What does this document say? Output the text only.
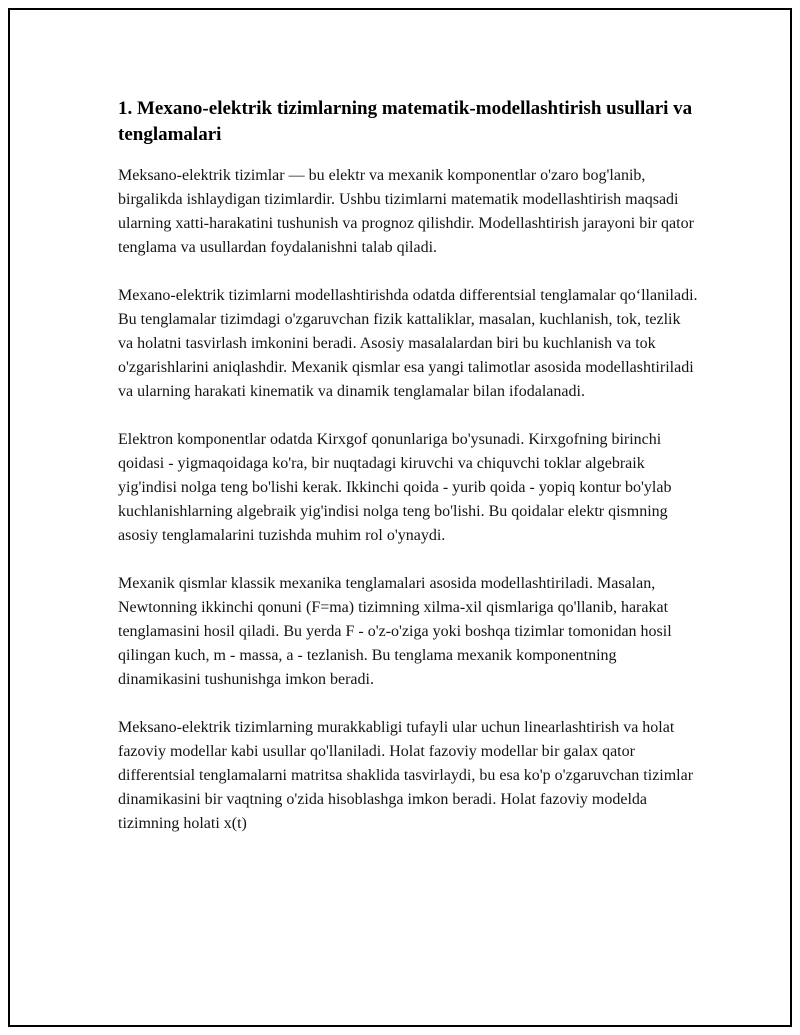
1. Mexano-elektrik tizimlarning matematik-modellashtirish usullari va tenglamalari

Meksano-elektrik tizimlar — bu elektr va mexanik komponentlar o'zaro bog'lanib, birgalikda ishlaydigan tizimlardir. Ushbu tizimlarni matematik modellashtirish maqsadi ularning xatti-harakatini tushunish va prognoz qilishdir. Modellashtirish jarayoni bir qator tenglama va usullardan foydalanishni talab qiladi.

Mexano-elektrik tizimlarni modellashtirishda odatda differentsial tenglamalar qo‘llaniladi. Bu tenglamalar tizimdagi o'zgaruvchan fizik kattaliklar, masalan, kuchlanish, tok, tezlik va holatni tasvirlash imkonini beradi. Asosiy masalalardan biri bu kuchlanish va tok o'zgarishlarini aniqlashdir. Mexanik qismlar esa yangi talimotlar asosida modellashtiriladi va ularning harakati kinematik va dinamik tenglamalar bilan ifodalanadi.

Elektron komponentlar odatda Kirxgof qonunlariga bo'ysunadi. Kirxgofning birinchi qoidasi - yigmaqoidaga ko'ra, bir nuqtadagi kiruvchi va chiquvchi toklar algebraik yig'indisi nolga teng bo'lishi kerak. Ikkinchi qoida - yurib qoida - yopiq kontur bo'ylab kuchlanishlarning algebraik yig'indisi nolga teng bo'lishi. Bu qoidalar elektr qismning asosiy tenglamalarini tuzishda muhim rol o'ynaydi.

Mexanik qismlar klassik mexanika tenglamalari asosida modellashtiriladi. Masalan, Newtonning ikkinchi qonuni (F=ma) tizimning xilma-xil qismlariga qo'llanib, harakat tenglamasini hosil qiladi. Bu yerda F - o'z-o'ziga yoki boshqa tizimlar tomonidan hosil qilingan kuch, m - massa, a - tezlanish. Bu tenglama mexanik komponentning dinamikasini tushunishga imkon beradi.

Meksano-elektrik tizimlarning murakkabligi tufayli ular uchun linearlashtirish va holat fazoviy modellar kabi usullar qo'llaniladi. Holat fazoviy modellar bir galax qator differentsial tenglamalarni matritsa shaklida tasvirlaydi, bu esa ko'p o'zgaruvchan tizimlar dinamikasini bir vaqtning o'zida hisoblashga imkon beradi. Holat fazoviy modelda tizimning holati x(t)
